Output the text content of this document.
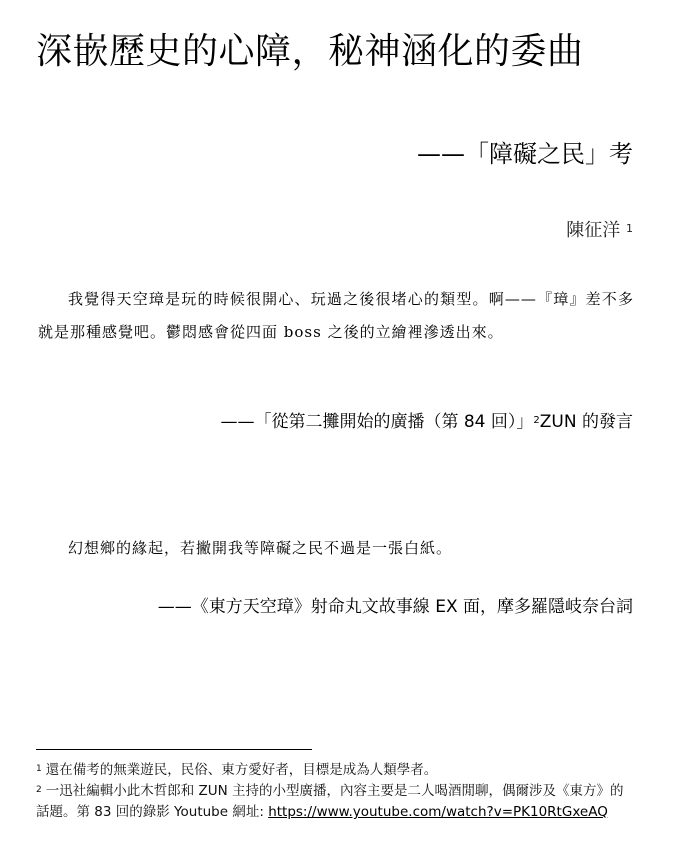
深嵌歷史的心障，秘神涵化的委曲
——「障礙之民」考
陳征洋 $^1$
我覺得天空璋是玩的時候很開心、玩過之後很堵心的類型。啊——『璋』差不多就是那種感覺吧。鬱悶感會從四面 boss 之後的立繪裡滲透出來。
——「從第二攤開始的廣播（第 84 回）」$^2$ZUN 的發言
幻想鄉的緣起，若撇開我等障礙之民不過是一張白紙。
——《東方天空璋》射命丸文故事線 EX 面，摩多羅隱岐奈台詞

$^1$ 還在備考的無業遊民，民俗、東方愛好者，目標是成為人類學者。

$^2$ 一迅社編輯小此木哲郎和 ZUN 主持的小型廣播，內容主要是二人喝酒閒聊，偶爾涉及《東方》的話題。第 83 回的錄影 Youtube 網址: https://www.youtube.com/watch?v=PK10RtGxeAQ
